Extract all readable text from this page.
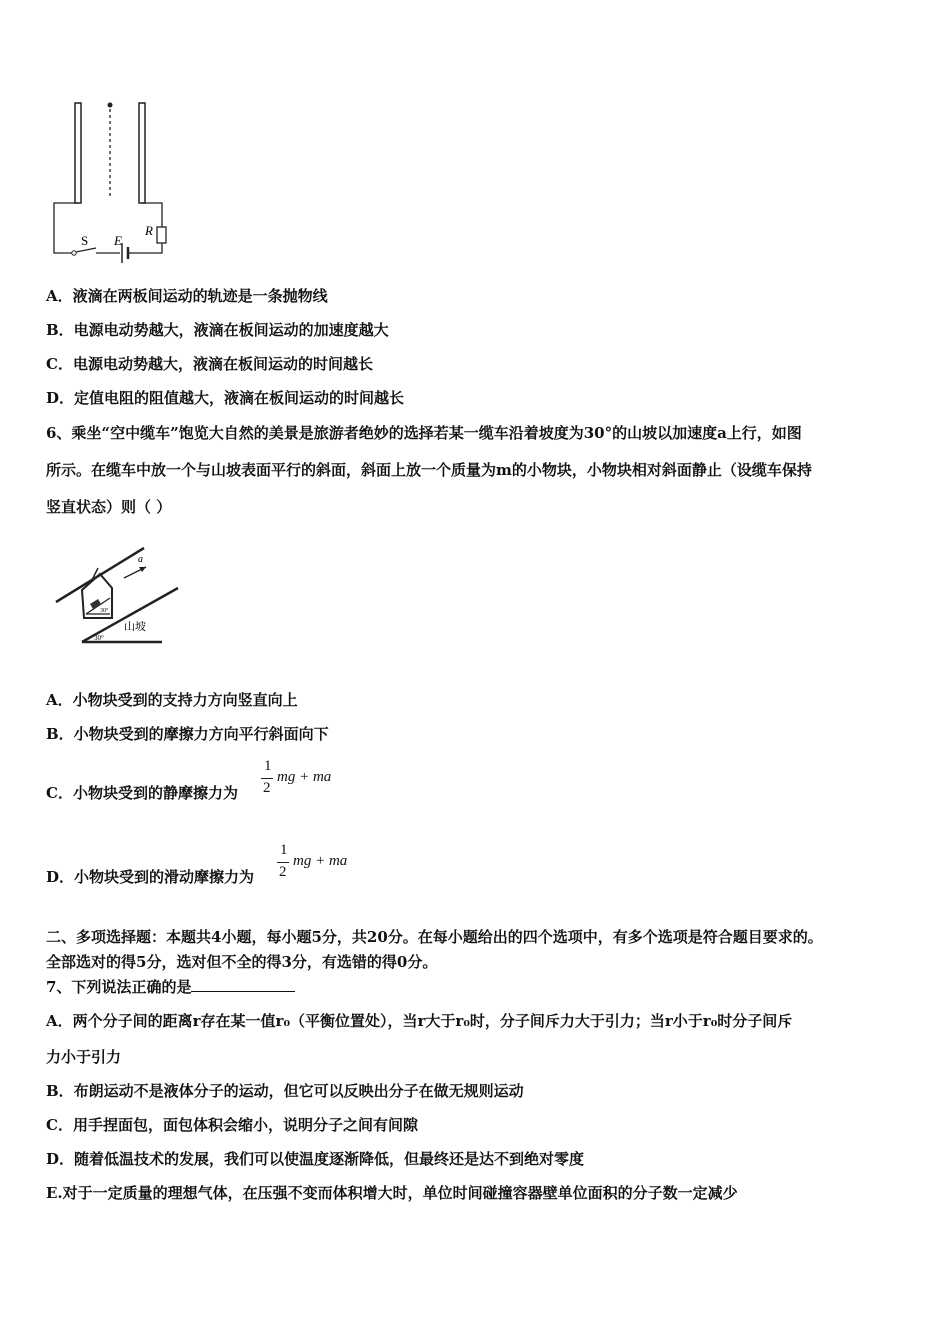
S E
R
A．液滴在两板间运动的轨迹是一条抛物线
B．电源电动势越大，液滴在板间运动的加速度越大
C．电源电动势越大，液滴在板间运动的时间越长
D．定值电阻的阻值越大，液滴在板间运动的时间越长
6、乘坐“空中缆车”饱览大自然的美景是旅游者绝妙的选择若某一缆车沿着坡度为30°的山坡以加速度a上行，如图
所示。在缆车中放一个与山坡表面平行的斜面，斜面上放一个质量为m的小物块，小物块相对斜面静止（设缆车保持
竖直状态）则（ ）
30°
a
山坡
30°
A．小物块受到的支持力方向竖直向上
B．小物块受到的摩擦力方向平行斜面向下
C．小物块受到的静摩擦力为
1
2
mg + ma
D．小物块受到的滑动摩擦力为
1
2
mg + ma
二、多项选择题：本题共4小题，每小题5分，共20分。在每小题给出的四个选项中，有多个选项是符合题目要求的。
全部选对的得5分，选对但不全的得3分，有选错的得0分。
7、下列说法正确的是
A．两个分子间的距离r存在某一值r₀（平衡位置处），当r大于r₀时，分子间斥力大于引力；当r小于r₀时分子间斥
力小于引力
B．布朗运动不是液体分子的运动，但它可以反映出分子在做无规则运动
C．用手捏面包，面包体积会缩小，说明分子之间有间隙
D．随着低温技术的发展，我们可以使温度逐渐降低，但最终还是达不到绝对零度
E.对于一定质量的理想气体，在压强不变而体积增大时，单位时间碰撞容器壁单位面积的分子数一定减少
